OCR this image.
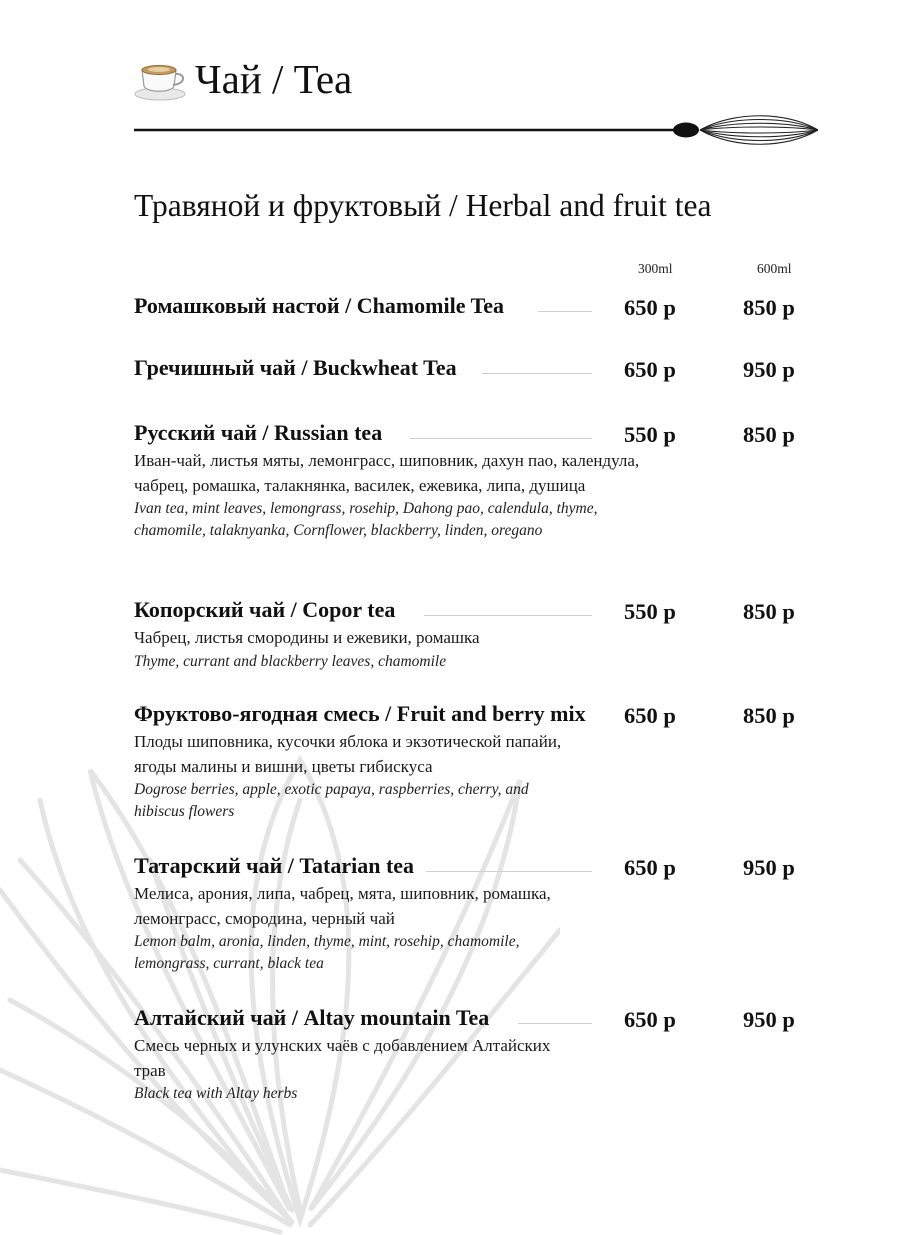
Чай / Tea
Травяной и фруктовый / Herbal and fruit tea
300ml	600ml
Ромашковый настой / Chamomile Tea	650 р	850 р
Гречишный чай / Buckwheat Tea	650 р	950 р
Русский чай / Russian tea	550 р	850 р
Иван-чай, листья мяты, лемонграсс, шиповник, дахун пао, календула, чабрец, ромашка, талакнянка, василек, ежевика, липа, душица
Ivan tea, mint leaves, lemongrass, rosehip, Dahong pao, calendula, thyme, chamomile, talaknyanka, Cornflower, blackberry, linden, oregano
Копорский чай / Copor tea	550 р	850 р
Чабрец, листья смородины и ежевики, ромашка
Thyme, currant and blackberry leaves, chamomile
Фруктово-ягодная смесь / Fruit and berry mix 650 р	850 р
Плоды шиповника, кусочки яблока и экзотической папайи, ягоды малины и вишни, цветы гибискуса
Dogrose berries, apple, exotic papaya, raspberries, cherry, and hibiscus flowers
Татарский чай / Tatarian tea	650 р	950 р
Мелиса, арония, липа, чабрец, мята, шиповник, ромашка, лемонграсс, смородина, черный чай
Lemon balm, aronia, linden, thyme, mint, rosehip, chamomile, lemongrass, currant, black tea
Алтайский чай / Altay mountain Tea	650 р	950 р
Смесь черных и улунских чаёв с добавлением Алтайских трав
Black tea with Altay herbs
